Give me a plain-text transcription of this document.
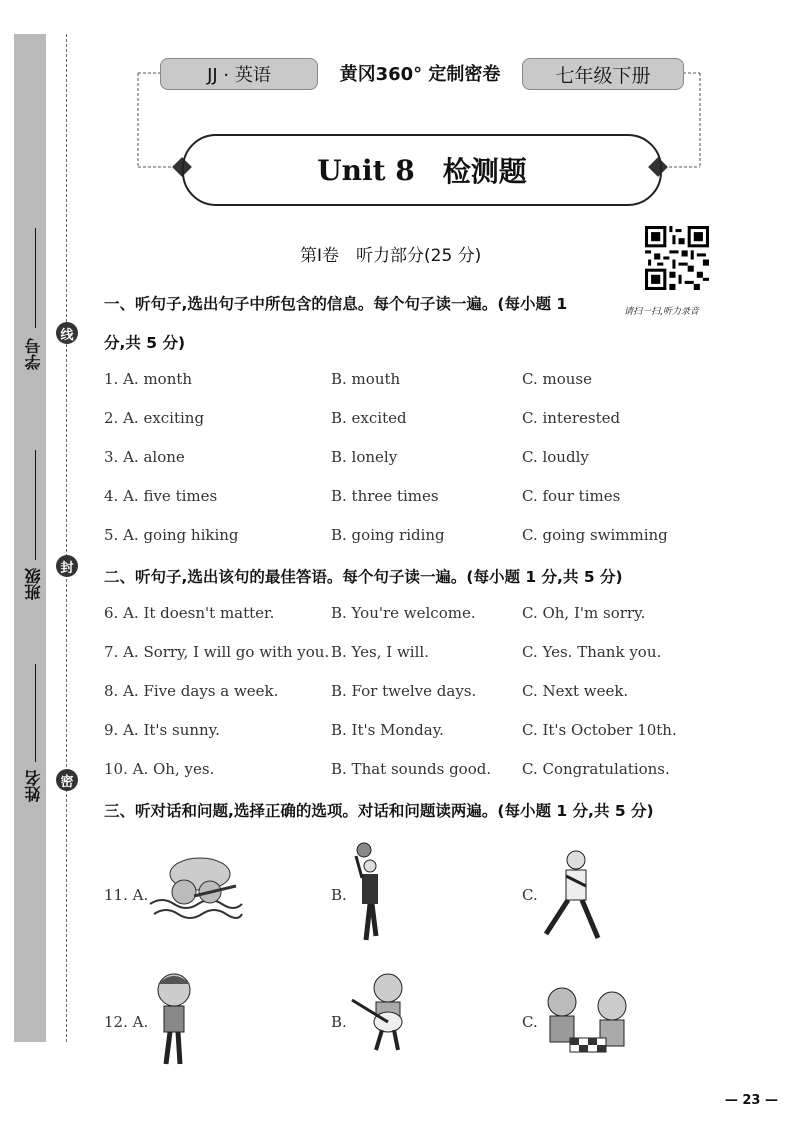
学号
班级
姓名
线
封
密
JJ · 英语	黄冈360° 定制密卷	七年级下册
Unit 8 检测题
第Ⅰ卷　听力部分(25 分)
请扫一扫,听力录音
一、听句子,选出句子中所包含的信息。每个句子读一遍。(每小题 1
分,共 5 分)
1. A. month	B. mouth	C. mouse
2. A. exciting	B. excited	C. interested
3. A. alone	B. lonely	C. loudly
4. A. five times	B. three times	C. four times
5. A. going hiking	B. going riding	C. going swimming
二、听句子,选出该句的最佳答语。每个句子读一遍。(每小题 1 分,共 5 分)
6. A. It doesn't matter.	B. You're welcome.	C. Oh, I'm sorry.
7. A. Sorry, I will go with you. B. Yes, I will.	C. Yes. Thank you.
8. A. Five days a week.	B. For twelve days.	C. Next week.
9. A. It's sunny.	B. It's Monday.	C. It's October 10th.
10. A. Oh, yes.	B. That sounds good. C. Congratulations.
三、听对话和问题,选择正确的选项。对话和问题读两遍。(每小题 1 分,共 5 分)
11. A.	B.	C.
12. A.	B.	C.
— 23 —
